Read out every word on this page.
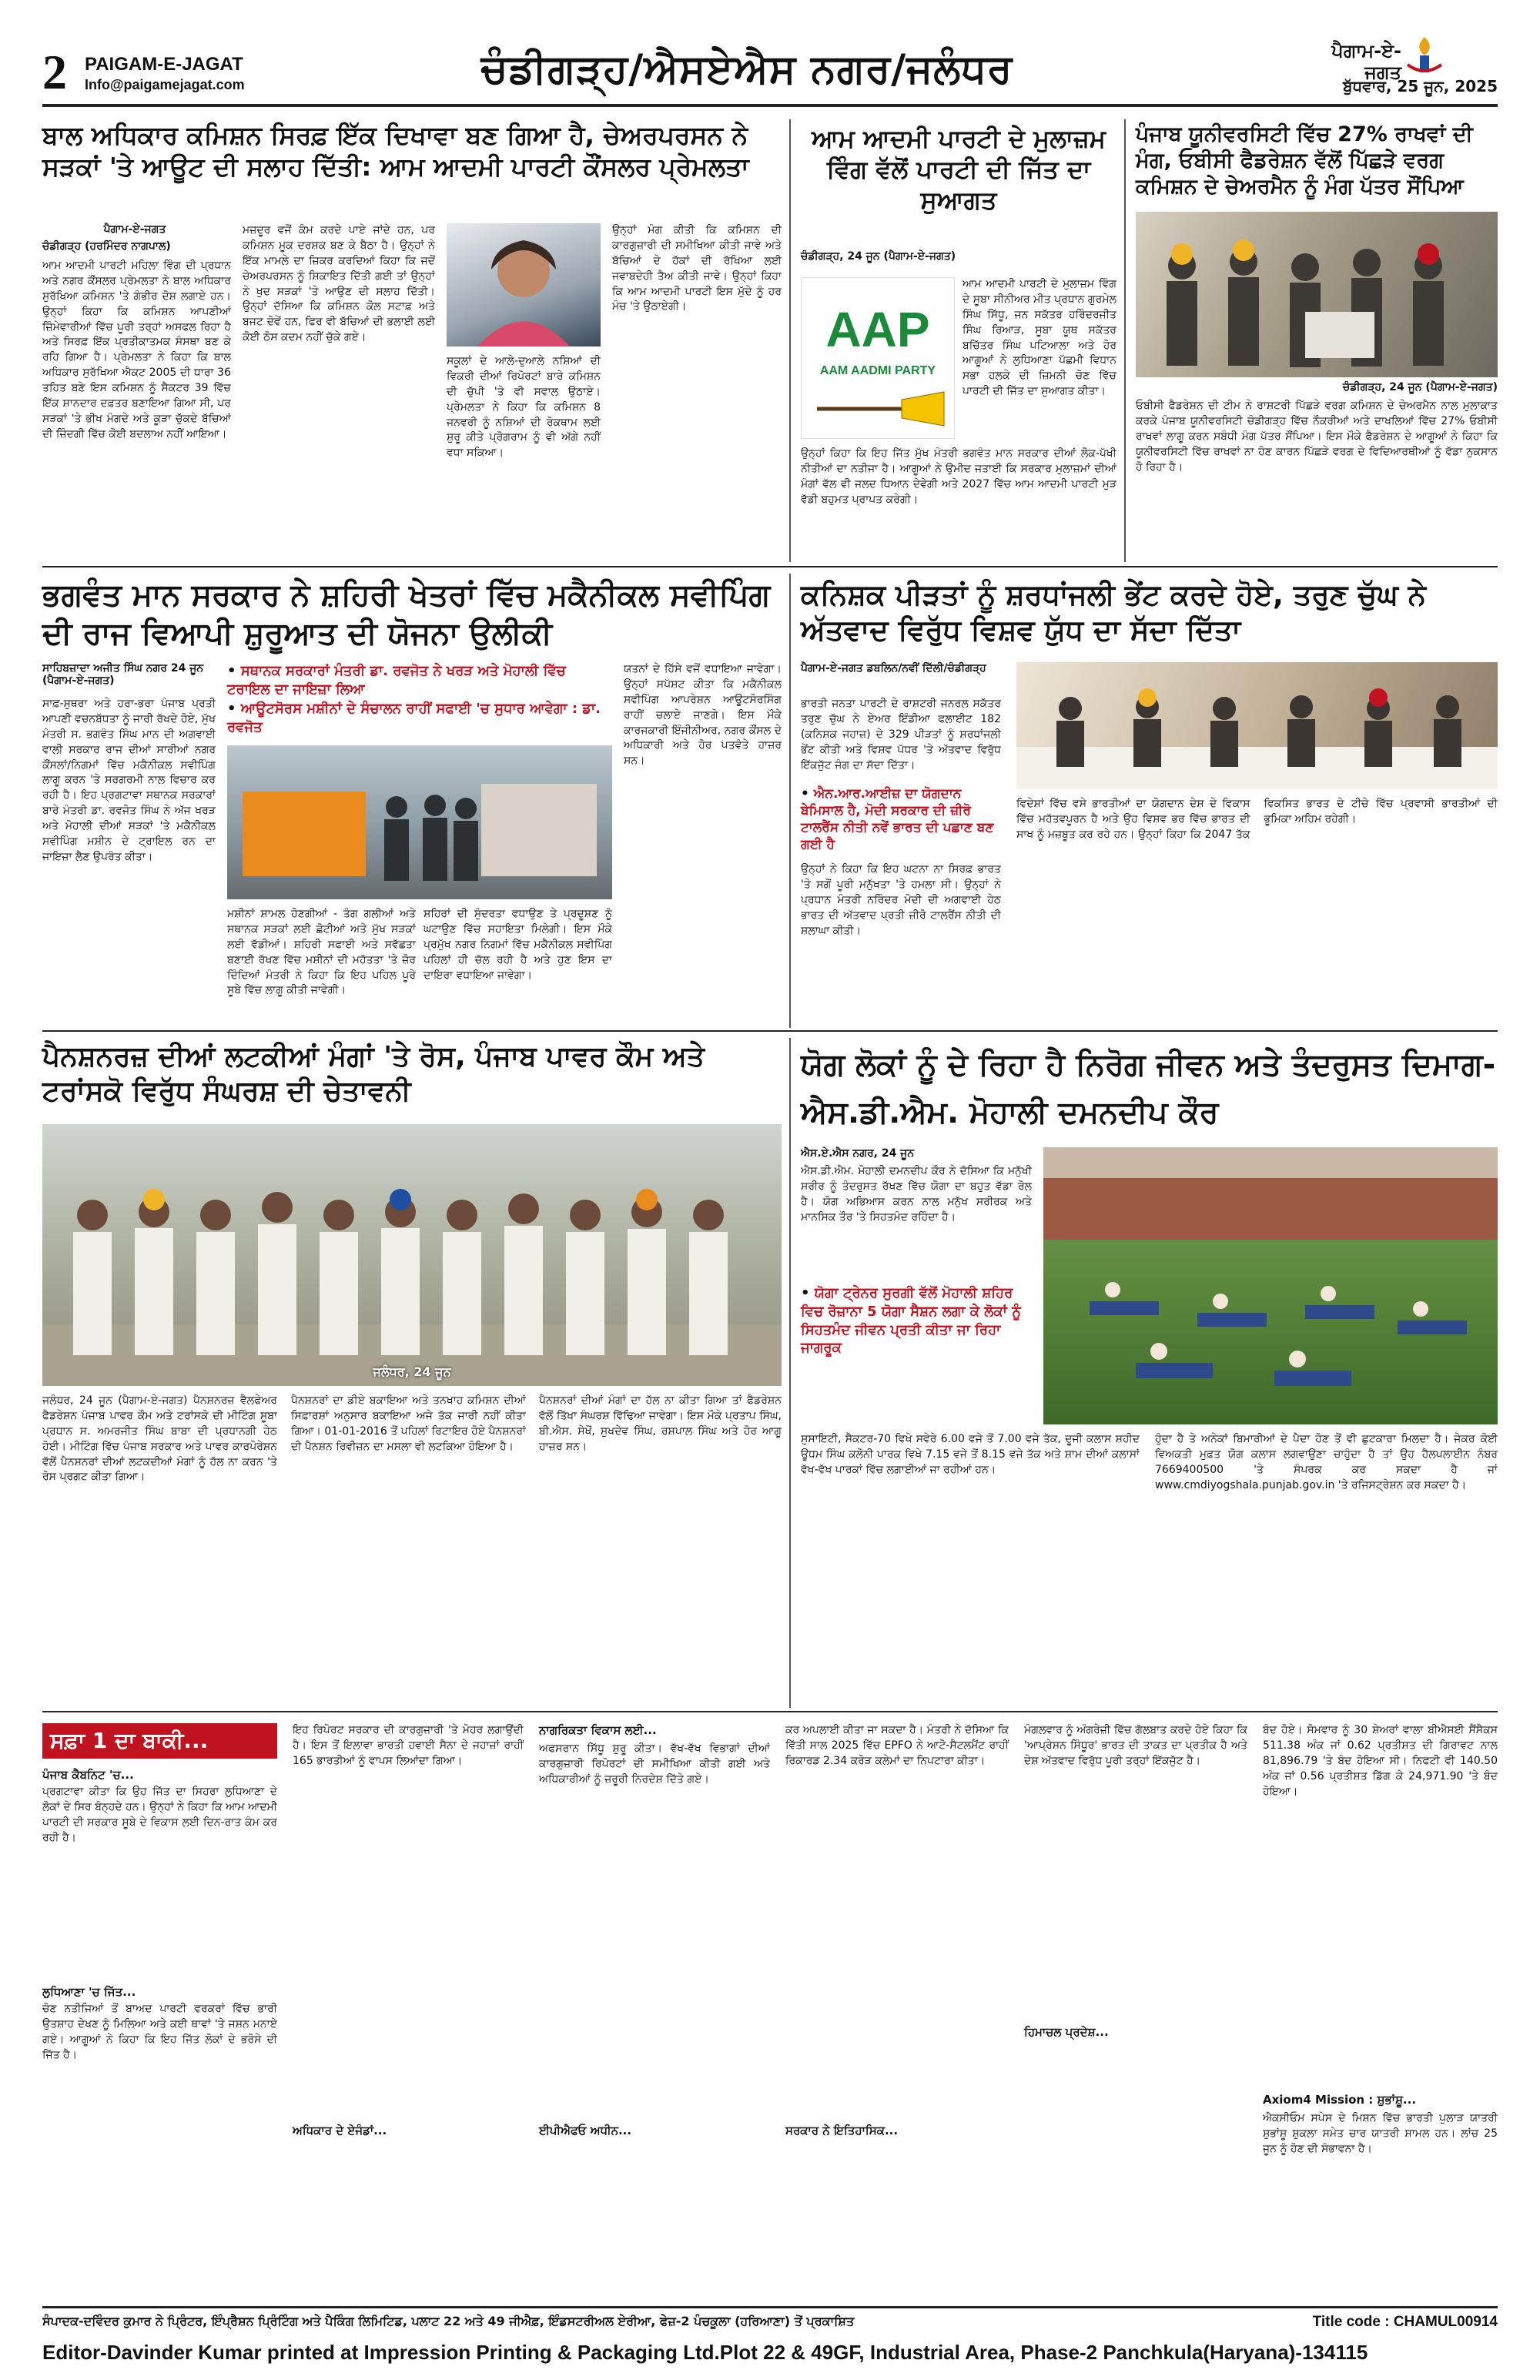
2 PAIGAM-E-JAGAT
Info@paigamejagat.com	ਚੰਡੀਗੜ੍ਹ/ਐਸਏਐਸ ਨਗਰ/ਜਲੰਧਰ	ਪੈਗਾਮ-ਏ-ਜਗਤ
ਬੁੱਧਵਾਰ, 25 ਜੂਨ, 2025
ਬਾਲ ਅਧਿਕਾਰ ਕਮਿਸ਼ਨ ਸਿਰਫ਼ ਇੱਕ ਦਿਖਾਵਾ ਬਣ ਗਿਆ ਹੈ, ਚੇਅਰਪਰਸਨ ਨੇ ਸੜਕਾਂ 'ਤੇ ਆਊਟ ਦੀ ਸਲਾਹ ਦਿੱਤੀ: ਆਮ ਆਦਮੀ ਪਾਰਟੀ ਕੌਂਸਲਰ ਪ੍ਰੇਮਲਤਾ
ਪੈਗਾਮ-ਏ-ਜਗਤ
ਚੰਡੀਗੜ੍ਹ (ਹਰਮਿੰਦਰ ਨਾਗਪਾਲ)
ਆਮ ਆਦਮੀ ਪਾਰਟੀ ਮਹਿਲਾ ਵਿੰਗ ਦੀ ਪ੍ਰਧਾਨ ਅਤੇ ਨਗਰ ਕੌਂਸਲਰ ਪ੍ਰੇਮਲਤਾ ਨੇ ਬਾਲ ਅਧਿਕਾਰ ਸੁਰੱਖਿਆ ਕਮਿਸ਼ਨ 'ਤੇ ਗੰਭੀਰ ਦੋਸ਼ ਲਗਾਏ ਹਨ। ਉਨ੍ਹਾਂ ਕਿਹਾ ਕਿ ਕਮਿਸ਼ਨ ਆਪਣੀਆਂ ਜ਼ਿੰਮੇਵਾਰੀਆਂ ਵਿੱਚ ਪੂਰੀ ਤਰ੍ਹਾਂ ਅਸਫਲ ਰਿਹਾ ਹੈ ਅਤੇ ਸਿਰਫ਼ ਇੱਕ ਪ੍ਰਤੀਕਾਤਮਕ ਸੰਸਥਾ ਬਣ ਕੇ ਰਹਿ ਗਿਆ ਹੈ। ਪ੍ਰੇਮਲਤਾ ਨੇ ਕਿਹਾ ਕਿ ਬਾਲ ਅਧਿਕਾਰ ਸੁਰੱਖਿਆ ਐਕਟ 2005 ਦੀ ਧਾਰਾ 36 ਤਹਿਤ ਬਣੇ ਇਸ ਕਮਿਸ਼ਨ ਨੂੰ ਸੈਕਟਰ 39 ਵਿੱਚ ਇੱਕ ਸ਼ਾਨਦਾਰ ਦਫ਼ਤਰ ਬਣਾਇਆ ਗਿਆ ਸੀ, ਪਰ ਸੜਕਾਂ 'ਤੇ ਭੀਖ ਮੰਗਦੇ ਅਤੇ ਕੂੜਾ ਚੁੱਕਦੇ ਬੱਚਿਆਂ ਦੀ ਜ਼ਿੰਦਗੀ ਵਿੱਚ ਕੋਈ ਬਦਲਾਅ ਨਹੀਂ ਆਇਆ।
ਮਜ਼ਦੂਰ ਵਜੋਂ ਕੰਮ ਕਰਦੇ ਪਾਏ ਜਾਂਦੇ ਹਨ, ਪਰ ਕਮਿਸ਼ਨ ਮੂਕ ਦਰਸ਼ਕ ਬਣ ਕੇ ਬੈਠਾ ਹੈ। ਉਨ੍ਹਾਂ ਨੇ ਇੱਕ ਮਾਮਲੇ ਦਾ ਜ਼ਿਕਰ ਕਰਦਿਆਂ ਕਿਹਾ ਕਿ ਜਦੋਂ ਚੇਅਰਪਰਸਨ ਨੂੰ ਸ਼ਿਕਾਇਤ ਦਿੱਤੀ ਗਈ ਤਾਂ ਉਨ੍ਹਾਂ ਨੇ ਖੁਦ ਸੜਕਾਂ 'ਤੇ ਆਉਣ ਦੀ ਸਲਾਹ ਦਿੱਤੀ। ਉਨ੍ਹਾਂ ਦੱਸਿਆ ਕਿ ਕਮਿਸ਼ਨ ਕੋਲ ਸਟਾਫ਼ ਅਤੇ ਬਜਟ ਦੋਵੇਂ ਹਨ, ਫਿਰ ਵੀ ਬੱਚਿਆਂ ਦੀ ਭਲਾਈ ਲਈ ਕੋਈ ਠੋਸ ਕਦਮ ਨਹੀਂ ਚੁੱਕੇ ਗਏ।
ਸਕੂਲਾਂ ਦੇ ਆਲੇ-ਦੁਆਲੇ ਨਸ਼ਿਆਂ ਦੀ ਵਿਕਰੀ ਦੀਆਂ ਰਿਪੋਰਟਾਂ ਬਾਰੇ ਕਮਿਸ਼ਨ ਦੀ ਚੁੱਪੀ 'ਤੇ ਵੀ ਸਵਾਲ ਉਠਾਏ। ਪ੍ਰੇਮਲਤਾ ਨੇ ਕਿਹਾ ਕਿ ਕਮਿਸ਼ਨ 8 ਜਨਵਰੀ ਨੂੰ ਨਸ਼ਿਆਂ ਦੀ ਰੋਕਥਾਮ ਲਈ ਸ਼ੁਰੂ ਕੀਤੇ ਪ੍ਰੋਗਰਾਮ ਨੂੰ ਵੀ ਅੱਗੇ ਨਹੀਂ ਵਧਾ ਸਕਿਆ।
ਉਨ੍ਹਾਂ ਮੰਗ ਕੀਤੀ ਕਿ ਕਮਿਸ਼ਨ ਦੀ ਕਾਰਗੁਜ਼ਾਰੀ ਦੀ ਸਮੀਖਿਆ ਕੀਤੀ ਜਾਵੇ ਅਤੇ ਬੱਚਿਆਂ ਦੇ ਹੱਕਾਂ ਦੀ ਰੱਖਿਆ ਲਈ ਜਵਾਬਦੇਹੀ ਤੈਅ ਕੀਤੀ ਜਾਵੇ। ਉਨ੍ਹਾਂ ਕਿਹਾ ਕਿ ਆਮ ਆਦਮੀ ਪਾਰਟੀ ਇਸ ਮੁੱਦੇ ਨੂੰ ਹਰ ਮੰਚ 'ਤੇ ਉਠਾਏਗੀ।
ਆਮ ਆਦਮੀ ਪਾਰਟੀ ਦੇ ਮੁਲਾਜ਼ਮ ਵਿੰਗ ਵੱਲੋਂ ਪਾਰਟੀ ਦੀ ਜਿੱਤ ਦਾ ਸੁਆਗਤ
ਚੰਡੀਗੜ੍ਹ, 24 ਜੂਨ (ਪੈਗਾਮ-ਏ-ਜਗਤ)
AAP
AAM AADMI PARTY
ਆਮ ਆਦਮੀ ਪਾਰਟੀ ਦੇ ਮੁਲਾਜ਼ਮ ਵਿੰਗ ਦੇ ਸੂਬਾ ਸੀਨੀਅਰ ਮੀਤ ਪ੍ਰਧਾਨ ਗੁਰਮੇਲ ਸਿੰਘ ਸਿੱਧੂ, ਜਨ ਸਕੱਤਰ ਹਰਿੰਦਰਜੀਤ ਸਿੰਘ ਰਿਆੜ, ਸੂਬਾ ਯੂਥ ਸਕੱਤਰ ਬਚਿੱਤਰ ਸਿੰਘ ਪਟਿਆਲਾ ਅਤੇ ਹੋਰ ਆਗੂਆਂ ਨੇ ਲੁਧਿਆਣਾ ਪੱਛਮੀ ਵਿਧਾਨ ਸਭਾ ਹਲਕੇ ਦੀ ਜ਼ਿਮਨੀ ਚੋਣ ਵਿੱਚ ਪਾਰਟੀ ਦੀ ਜਿੱਤ ਦਾ ਸੁਆਗਤ ਕੀਤਾ।
ਉਨ੍ਹਾਂ ਕਿਹਾ ਕਿ ਇਹ ਜਿੱਤ ਮੁੱਖ ਮੰਤਰੀ ਭਗਵੰਤ ਮਾਨ ਸਰਕਾਰ ਦੀਆਂ ਲੋਕ-ਪੱਖੀ ਨੀਤੀਆਂ ਦਾ ਨਤੀਜਾ ਹੈ। ਆਗੂਆਂ ਨੇ ਉਮੀਦ ਜਤਾਈ ਕਿ ਸਰਕਾਰ ਮੁਲਾਜ਼ਮਾਂ ਦੀਆਂ ਮੰਗਾਂ ਵੱਲ ਵੀ ਜਲਦ ਧਿਆਨ ਦੇਵੇਗੀ ਅਤੇ 2027 ਵਿੱਚ ਆਮ ਆਦਮੀ ਪਾਰਟੀ ਮੁੜ ਵੱਡੀ ਬਹੁਮਤ ਪ੍ਰਾਪਤ ਕਰੇਗੀ।
ਪੰਜਾਬ ਯੂਨੀਵਰਸਿਟੀ ਵਿੱਚ 27% ਰਾਖਵਾਂ ਦੀ ਮੰਗ, ਓਬੀਸੀ ਫੈਡਰੇਸ਼ਨ ਵੱਲੋਂ ਪਿੱਛੜੇ ਵਰਗ ਕਮਿਸ਼ਨ ਦੇ ਚੇਅਰਮੈਨ ਨੂੰ ਮੰਗ ਪੱਤਰ ਸੌਂਪਿਆ
ਚੰਡੀਗੜ੍ਹ, 24 ਜੂਨ (ਪੈਗਾਮ-ਏ-ਜਗਤ)
ਓਬੀਸੀ ਫੈਡਰੇਸ਼ਨ ਦੀ ਟੀਮ ਨੇ ਰਾਸ਼ਟਰੀ ਪਿੱਛੜੇ ਵਰਗ ਕਮਿਸ਼ਨ ਦੇ ਚੇਅਰਮੈਨ ਨਾਲ ਮੁਲਾਕਾਤ ਕਰਕੇ ਪੰਜਾਬ ਯੂਨੀਵਰਸਿਟੀ ਚੰਡੀਗੜ੍ਹ ਵਿੱਚ ਨੌਕਰੀਆਂ ਅਤੇ ਦਾਖਲਿਆਂ ਵਿੱਚ 27% ਓਬੀਸੀ ਰਾਖਵਾਂ ਲਾਗੂ ਕਰਨ ਸਬੰਧੀ ਮੰਗ ਪੱਤਰ ਸੌਂਪਿਆ। ਇਸ ਮੌਕੇ ਫੈਡਰੇਸ਼ਨ ਦੇ ਆਗੂਆਂ ਨੇ ਕਿਹਾ ਕਿ ਯੂਨੀਵਰਸਿਟੀ ਵਿੱਚ ਰਾਖਵਾਂ ਨਾ ਹੋਣ ਕਾਰਨ ਪਿੱਛੜੇ ਵਰਗ ਦੇ ਵਿਦਿਆਰਥੀਆਂ ਨੂੰ ਵੱਡਾ ਨੁਕਸਾਨ ਹੋ ਰਿਹਾ ਹੈ।
ਭਗਵੰਤ ਮਾਨ ਸਰਕਾਰ ਨੇ ਸ਼ਹਿਰੀ ਖੇਤਰਾਂ ਵਿੱਚ ਮਕੈਨੀਕਲ ਸਵੀਪਿੰਗ ਦੀ ਰਾਜ ਵਿਆਪੀ ਸ਼ੁਰੂਆਤ ਦੀ ਯੋਜਨਾ ਉਲੀਕੀ
ਸਾਹਿਬਜ਼ਾਦਾ ਅਜੀਤ ਸਿੰਘ ਨਗਰ 24 ਜੂਨ (ਪੈਗਾਮ-ਏ-ਜਗਤ)
ਸਾਫ਼-ਸੁਥਰਾ ਅਤੇ ਹਰਾ-ਭਰਾ ਪੰਜਾਬ ਪ੍ਰਤੀ ਆਪਣੀ ਵਚਨਬੱਧਤਾ ਨੂੰ ਜਾਰੀ ਰੱਖਦੇ ਹੋਏ, ਮੁੱਖ ਮੰਤਰੀ ਸ. ਭਗਵੰਤ ਸਿੰਘ ਮਾਨ ਦੀ ਅਗਵਾਈ ਵਾਲੀ ਸਰਕਾਰ ਰਾਜ ਦੀਆਂ ਸਾਰੀਆਂ ਨਗਰ ਕੌਂਸਲਾਂ/ਨਿਗਮਾਂ ਵਿੱਚ ਮਕੈਨੀਕਲ ਸਵੀਪਿੰਗ ਲਾਗੂ ਕਰਨ 'ਤੇ ਸਰਗਰਮੀ ਨਾਲ ਵਿਚਾਰ ਕਰ ਰਹੀ ਹੈ। ਇਹ ਪ੍ਰਗਟਾਵਾ ਸਥਾਨਕ ਸਰਕਾਰਾਂ ਬਾਰੇ ਮੰਤਰੀ ਡਾ. ਰਵਜੋਤ ਸਿੰਘ ਨੇ ਅੱਜ ਖਰੜ ਅਤੇ ਮੋਹਾਲੀ ਦੀਆਂ ਸੜਕਾਂ 'ਤੇ ਮਕੈਨੀਕਲ ਸਵੀਪਿੰਗ ਮਸ਼ੀਨ ਦੇ ਟ੍ਰਾਇਲ ਰਨ ਦਾ ਜਾਇਜ਼ਾ ਲੈਣ ਉਪਰੰਤ ਕੀਤਾ।
• ਸਥਾਨਕ ਸਰਕਾਰਾਂ ਮੰਤਰੀ ਡਾ. ਰਵਜੋਤ ਨੇ ਖਰੜ ਅਤੇ ਮੋਹਾਲੀ ਵਿੱਚ ਟਰਾਇਲ ਦਾ ਜਾਇਜ਼ਾ ਲਿਆ
• ਆਊਟਸੋਰਸ ਮਸ਼ੀਨਾਂ ਦੇ ਸੰਚਾਲਨ ਰਾਹੀਂ ਸਫਾਈ 'ਚ ਸੁਧਾਰ ਆਵੇਗਾ : ਡਾ. ਰਵਜੋਤ
ਮਸ਼ੀਨਾਂ ਸ਼ਾਮਲ ਹੋਣਗੀਆਂ - ਤੰਗ ਗਲੀਆਂ ਅਤੇ ਸਥਾਨਕ ਸੜਕਾਂ ਲਈ ਛੋਟੀਆਂ ਅਤੇ ਮੁੱਖ ਸੜਕਾਂ ਲਈ ਵੱਡੀਆਂ। ਸ਼ਹਿਰੀ ਸਫਾਈ ਅਤੇ ਸਵੱਛਤਾ ਬਣਾਈ ਰੱਖਣ ਵਿੱਚ ਮਸ਼ੀਨਾਂ ਦੀ ਮਹੱਤਤਾ 'ਤੇ ਜ਼ੋਰ ਦਿੰਦਿਆਂ ਮੰਤਰੀ ਨੇ ਕਿਹਾ ਕਿ ਇਹ ਪਹਿਲ ਪੂਰੇ ਸੂਬੇ ਵਿੱਚ ਲਾਗੂ ਕੀਤੀ ਜਾਵੇਗੀ।
ਸ਼ਹਿਰਾਂ ਦੀ ਸੁੰਦਰਤਾ ਵਧਾਉਣ ਤੇ ਪ੍ਰਦੂਸ਼ਣ ਨੂੰ ਘਟਾਉਣ ਵਿੱਚ ਸਹਾਇਤਾ ਮਿਲੇਗੀ। ਇਸ ਮੌਕੇ ਪ੍ਰਮੁੱਖ ਨਗਰ ਨਿਗਮਾਂ ਵਿੱਚ ਮਕੈਨੀਕਲ ਸਵੀਪਿੰਗ ਪਹਿਲਾਂ ਹੀ ਚੱਲ ਰਹੀ ਹੈ ਅਤੇ ਹੁਣ ਇਸ ਦਾ ਦਾਇਰਾ ਵਧਾਇਆ ਜਾਵੇਗਾ।
ਯਤਨਾਂ ਦੇ ਹਿੱਸੇ ਵਜੋਂ ਵਧਾਇਆ ਜਾਵੇਗਾ। ਉਨ੍ਹਾਂ ਸਪੱਸ਼ਟ ਕੀਤਾ ਕਿ ਮਕੈਨੀਕਲ ਸਵੀਪਿੰਗ ਆਪਰੇਸ਼ਨ ਆਊਟਸੋਰਸਿੰਗ ਰਾਹੀਂ ਚਲਾਏ ਜਾਣਗੇ। ਇਸ ਮੌਕੇ ਕਾਰਜਕਾਰੀ ਇੰਜੀਨੀਅਰ, ਨਗਰ ਕੌਂਸਲ ਦੇ ਅਧਿਕਾਰੀ ਅਤੇ ਹੋਰ ਪਤਵੰਤੇ ਹਾਜ਼ਰ ਸਨ।
ਕਨਿਸ਼ਕ ਪੀੜਤਾਂ ਨੂੰ ਸ਼ਰਧਾਂਜਲੀ ਭੇਂਟ ਕਰਦੇ ਹੋਏ, ਤਰੁਣ ਚੁੱਘ ਨੇ ਅੱਤਵਾਦ ਵਿਰੁੱਧ ਵਿਸ਼ਵ ਯੁੱਧ ਦਾ ਸੱਦਾ ਦਿੱਤਾ
ਪੈਗਾਮ-ਏ-ਜਗਤ ਡਬਲਿਨ/ਨਵੀਂ ਦਿੱਲੀ/ਚੰਡੀਗੜ੍ਹ
ਭਾਰਤੀ ਜਨਤਾ ਪਾਰਟੀ ਦੇ ਰਾਸ਼ਟਰੀ ਜਨਰਲ ਸਕੱਤਰ ਤਰੁਣ ਚੁੱਘ ਨੇ ਏਅਰ ਇੰਡੀਆ ਫਲਾਈਟ 182 (ਕਨਿਸ਼ਕ ਜਹਾਜ਼) ਦੇ 329 ਪੀੜਤਾਂ ਨੂੰ ਸ਼ਰਧਾਂਜਲੀ ਭੇਂਟ ਕੀਤੀ ਅਤੇ ਵਿਸ਼ਵ ਪੱਧਰ 'ਤੇ ਅੱਤਵਾਦ ਵਿਰੁੱਧ ਇੱਕਜੁੱਟ ਜੰਗ ਦਾ ਸੱਦਾ ਦਿੱਤਾ।
• ਐਨ.ਆਰ.ਆਈਜ਼ ਦਾ ਯੋਗਦਾਨ ਬੇਮਿਸਾਲ ਹੈ, ਮੋਦੀ ਸਰਕਾਰ ਦੀ ਜ਼ੀਰੋ ਟਾਲਰੈਂਸ ਨੀਤੀ ਨਵੇਂ ਭਾਰਤ ਦੀ ਪਛਾਣ ਬਣ ਗਈ ਹੈ
ਉਨ੍ਹਾਂ ਨੇ ਕਿਹਾ ਕਿ ਇਹ ਘਟਨਾ ਨਾ ਸਿਰਫ਼ ਭਾਰਤ 'ਤੇ ਸਗੋਂ ਪੂਰੀ ਮਨੁੱਖਤਾ 'ਤੇ ਹਮਲਾ ਸੀ। ਉਨ੍ਹਾਂ ਨੇ ਪ੍ਰਧਾਨ ਮੰਤਰੀ ਨਰਿੰਦਰ ਮੋਦੀ ਦੀ ਅਗਵਾਈ ਹੇਠ ਭਾਰਤ ਦੀ ਅੱਤਵਾਦ ਪ੍ਰਤੀ ਜ਼ੀਰੋ ਟਾਲਰੈਂਸ ਨੀਤੀ ਦੀ ਸ਼ਲਾਘਾ ਕੀਤੀ।
ਵਿਦੇਸ਼ਾਂ ਵਿੱਚ ਵਸੇ ਭਾਰਤੀਆਂ ਦਾ ਯੋਗਦਾਨ ਦੇਸ਼ ਦੇ ਵਿਕਾਸ ਵਿੱਚ ਮਹੱਤਵਪੂਰਨ ਹੈ ਅਤੇ ਉਹ ਵਿਸ਼ਵ ਭਰ ਵਿੱਚ ਭਾਰਤ ਦੀ ਸਾਖ ਨੂੰ ਮਜ਼ਬੂਤ ਕਰ ਰਹੇ ਹਨ। ਉਨ੍ਹਾਂ ਕਿਹਾ ਕਿ 2047 ਤੱਕ ਵਿਕਸਿਤ ਭਾਰਤ ਦੇ ਟੀਚੇ ਵਿੱਚ ਪ੍ਰਵਾਸੀ ਭਾਰਤੀਆਂ ਦੀ ਭੂਮਿਕਾ ਅਹਿਮ ਰਹੇਗੀ।
ਪੈਨਸ਼ਨਰਜ਼ ਦੀਆਂ ਲਟਕੀਆਂ ਮੰਗਾਂ 'ਤੇ ਰੋਸ, ਪੰਜਾਬ ਪਾਵਰ ਕੌਮ ਅਤੇ ਟਰਾਂਸਕੋ ਵਿਰੁੱਧ ਸੰਘਰਸ਼ ਦੀ ਚੇਤਾਵਨੀ
ਜਲੰਧਰ, 24 ਜੂਨ
ਜਲੰਧਰ, 24 ਜੂਨ (ਪੈਗਾਮ-ਏ-ਜਗਤ) ਪੈਨਸ਼ਨਰਜ਼ ਵੈਲਫੇਅਰ ਫੈਡਰੇਸ਼ਨ ਪੰਜਾਬ ਪਾਵਰ ਕੌਮ ਅਤੇ ਟਰਾਂਸਕੋ ਦੀ ਮੀਟਿੰਗ ਸੂਬਾ ਪ੍ਰਧਾਨ ਸ. ਅਮਰਜੀਤ ਸਿੰਘ ਬਾਬਾ ਦੀ ਪ੍ਰਧਾਨਗੀ ਹੇਠ ਹੋਈ। ਮੀਟਿੰਗ ਵਿੱਚ ਪੰਜਾਬ ਸਰਕਾਰ ਅਤੇ ਪਾਵਰ ਕਾਰਪੋਰੇਸ਼ਨ ਵੱਲੋਂ ਪੈਨਸ਼ਨਰਾਂ ਦੀਆਂ ਲਟਕਦੀਆਂ ਮੰਗਾਂ ਨੂੰ ਹੱਲ ਨਾ ਕਰਨ 'ਤੇ ਰੋਸ ਪ੍ਰਗਟ ਕੀਤਾ ਗਿਆ।
ਪੈਨਸ਼ਨਰਾਂ ਦਾ ਡੀਏ ਬਕਾਇਆ ਅਤੇ ਤਨਖਾਹ ਕਮਿਸ਼ਨ ਦੀਆਂ ਸਿਫ਼ਾਰਸ਼ਾਂ ਅਨੁਸਾਰ ਬਕਾਇਆ ਅਜੇ ਤੱਕ ਜਾਰੀ ਨਹੀਂ ਕੀਤਾ ਗਿਆ। 01-01-2016 ਤੋਂ ਪਹਿਲਾਂ ਰਿਟਾਇਰ ਹੋਏ ਪੈਨਸ਼ਨਰਾਂ ਦੀ ਪੈਨਸ਼ਨ ਰਿਵੀਜ਼ਨ ਦਾ ਮਸਲਾ ਵੀ ਲਟਕਿਆ ਹੋਇਆ ਹੈ।
ਪੈਨਸ਼ਨਰਾਂ ਦੀਆਂ ਮੰਗਾਂ ਦਾ ਹੱਲ ਨਾ ਕੀਤਾ ਗਿਆ ਤਾਂ ਫੈਡਰੇਸ਼ਨ ਵੱਲੋਂ ਤਿੱਖਾ ਸੰਘਰਸ਼ ਵਿੱਢਿਆ ਜਾਵੇਗਾ। ਇਸ ਮੌਕੇ ਪ੍ਰਤਾਪ ਸਿੰਘ, ਬੀ.ਐਸ. ਸੇਖੋਂ, ਸੁਖਦੇਵ ਸਿੰਘ, ਰਸ਼ਪਾਲ ਸਿੰਘ ਅਤੇ ਹੋਰ ਆਗੂ ਹਾਜ਼ਰ ਸਨ।
ਯੋਗ ਲੋਕਾਂ ਨੂੰ ਦੇ ਰਿਹਾ ਹੈ ਨਿਰੋਗ ਜੀਵਨ ਅਤੇ ਤੰਦਰੁਸਤ ਦਿਮਾਗ- ਐਸ.ਡੀ.ਐਮ. ਮੋਹਾਲੀ ਦਮਨਦੀਪ ਕੌਰ
ਐਸ.ਏ.ਐਸ ਨਗਰ, 24 ਜੂਨ
ਐਸ.ਡੀ.ਐਮ. ਮੋਹਾਲੀ ਦਮਨਦੀਪ ਕੌਰ ਨੇ ਦੱਸਿਆ ਕਿ ਮਨੁੱਖੀ ਸਰੀਰ ਨੂੰ ਤੰਦਰੁਸਤ ਰੱਖਣ ਵਿੱਚ ਯੋਗਾ ਦਾ ਬਹੁਤ ਵੱਡਾ ਰੋਲ ਹੈ। ਯੋਗ ਅਭਿਆਸ ਕਰਨ ਨਾਲ ਮਨੁੱਖ ਸਰੀਰਕ ਅਤੇ ਮਾਨਸਿਕ ਤੌਰ 'ਤੇ ਸਿਹਤਮੰਦ ਰਹਿੰਦਾ ਹੈ।
• ਯੋਗਾ ਟ੍ਰੇਨਰ ਸੁਰਗੀ ਵੱਲੋਂ ਮੋਹਾਲੀ ਸ਼ਹਿਰ ਵਿਚ ਰੋਜ਼ਾਨਾ 5 ਯੋਗਾ ਸੈਸ਼ਨ ਲਗਾ ਕੇ ਲੋਕਾਂ ਨੂੰ ਸਿਹਤਮੰਦ ਜੀਵਨ ਪ੍ਰਤੀ ਕੀਤਾ ਜਾ ਰਿਹਾ ਜਾਗਰੂਕ
ਸੁਸਾਇਟੀ, ਸੈਕਟਰ-70 ਵਿਖੇ ਸਵੇਰੇ 6.00 ਵਜੇ ਤੋਂ 7.00 ਵਜੇ ਤੱਕ, ਦੂਜੀ ਕਲਾਸ ਸ਼ਹੀਦ ਊਧਮ ਸਿੰਘ ਕਲੋਨੀ ਪਾਰਕ ਵਿਖੇ 7.15 ਵਜੇ ਤੋਂ 8.15 ਵਜੇ ਤੱਕ ਅਤੇ ਸ਼ਾਮ ਦੀਆਂ ਕਲਾਸਾਂ ਵੱਖ-ਵੱਖ ਪਾਰਕਾਂ ਵਿੱਚ ਲਗਾਈਆਂ ਜਾ ਰਹੀਆਂ ਹਨ।
ਹੁੰਦਾ ਹੈ ਤੇ ਅਨੇਕਾਂ ਬਿਮਾਰੀਆਂ ਦੇ ਪੈਦਾ ਹੋਣ ਤੋਂ ਵੀ ਛੁਟਕਾਰਾ ਮਿਲਦਾ ਹੈ। ਜੇਕਰ ਕੋਈ ਵਿਅਕਤੀ ਮੁਫ਼ਤ ਯੋਗ ਕਲਾਸ ਲਗਵਾਉਣਾ ਚਾਹੁੰਦਾ ਹੈ ਤਾਂ ਉਹ ਹੈਲਪਲਾਈਨ ਨੰਬਰ 7669400500 'ਤੇ ਸੰਪਰਕ ਕਰ ਸਕਦਾ ਹੈ ਜਾਂ www.cmdiyogshala.punjab.gov.in 'ਤੇ ਰਜਿਸਟ੍ਰੇਸ਼ਨ ਕਰ ਸਕਦਾ ਹੈ।
ਸਫ਼ਾ 1 ਦਾ ਬਾਕੀ...
ਪੰਜਾਬ ਕੈਬਨਿਟ 'ਚ...
ਪ੍ਰਗਟਾਵਾ ਕੀਤਾ ਕਿ ਉਹ ਜਿੱਤ ਦਾ ਸਿਹਰਾ ਲੁਧਿਆਣਾ ਦੇ ਲੋਕਾਂ ਦੇ ਸਿਰ ਬੰਨ੍ਹਦੇ ਹਨ। ਉਨ੍ਹਾਂ ਨੇ ਕਿਹਾ ਕਿ ਆਮ ਆਦਮੀ ਪਾਰਟੀ ਦੀ ਸਰਕਾਰ ਸੂਬੇ ਦੇ ਵਿਕਾਸ ਲਈ ਦਿਨ-ਰਾਤ ਕੰਮ ਕਰ ਰਹੀ ਹੈ।
ਲੁਧਿਆਣਾ 'ਚ ਜਿੱਤ...
ਚੋਣ ਨਤੀਜਿਆਂ ਤੋਂ ਬਾਅਦ ਪਾਰਟੀ ਵਰਕਰਾਂ ਵਿੱਚ ਭਾਰੀ ਉਤਸ਼ਾਹ ਦੇਖਣ ਨੂੰ ਮਿਲਿਆ ਅਤੇ ਕਈ ਥਾਵਾਂ 'ਤੇ ਜਸ਼ਨ ਮਨਾਏ ਗਏ। ਆਗੂਆਂ ਨੇ ਕਿਹਾ ਕਿ ਇਹ ਜਿੱਤ ਲੋਕਾਂ ਦੇ ਭਰੋਸੇ ਦੀ ਜਿੱਤ ਹੈ।
ਇਹ ਰਿਪੋਰਟ ਸਰਕਾਰ ਦੀ ਕਾਰਗੁਜ਼ਾਰੀ 'ਤੇ ਮੋਹਰ ਲਗਾਉਂਦੀ ਹੈ। ਇਸ ਤੋਂ ਇਲਾਵਾ ਭਾਰਤੀ ਹਵਾਈ ਸੈਨਾ ਦੇ ਜਹਾਜ਼ਾਂ ਰਾਹੀਂ 165 ਭਾਰਤੀਆਂ ਨੂੰ ਵਾਪਸ ਲਿਆਂਦਾ ਗਿਆ।
ਅਧਿਕਾਰ ਦੇ ਏਜੰਡਾਂ...
ਨਾਗਰਿਕਤਾ ਵਿਕਾਸ ਲਈ...
ਅਫਸਰਾਨ ਸਿੱਧੂ ਸ਼ੁਰੂ ਕੀਤਾ। ਵੱਖ-ਵੱਖ ਵਿਭਾਗਾਂ ਦੀਆਂ ਕਾਰਗੁਜ਼ਾਰੀ ਰਿਪੋਰਟਾਂ ਦੀ ਸਮੀਖਿਆ ਕੀਤੀ ਗਈ ਅਤੇ ਅਧਿਕਾਰੀਆਂ ਨੂੰ ਜ਼ਰੂਰੀ ਨਿਰਦੇਸ਼ ਦਿੱਤੇ ਗਏ।
ਈਪੀਐਫਓ ਅਧੀਨ...
ਕਰ ਅਪਲਾਈ ਕੀਤਾ ਜਾ ਸਕਦਾ ਹੈ। ਮੰਤਰੀ ਨੇ ਦੱਸਿਆ ਕਿ ਵਿੱਤੀ ਸਾਲ 2025 ਵਿੱਚ EPFO ਨੇ ਆਟੋ-ਸੈਟਲਮੈਂਟ ਰਾਹੀਂ ਰਿਕਾਰਡ 2.34 ਕਰੋੜ ਕਲੇਮਾਂ ਦਾ ਨਿਪਟਾਰਾ ਕੀਤਾ।
ਸਰਕਾਰ ਨੇ ਇਤਿਹਾਸਿਕ...
ਮੰਗਲਵਾਰ ਨੂੰ ਅੰਗਰੇਜ਼ੀ ਵਿੱਚ ਗੱਲਬਾਤ ਕਰਦੇ ਹੋਏ ਕਿਹਾ ਕਿ 'ਆਪ੍ਰੇਸ਼ਨ ਸਿੰਧੂਰ' ਭਾਰਤ ਦੀ ਤਾਕਤ ਦਾ ਪ੍ਰਤੀਕ ਹੈ ਅਤੇ ਦੇਸ਼ ਅੱਤਵਾਦ ਵਿਰੁੱਧ ਪੂਰੀ ਤਰ੍ਹਾਂ ਇੱਕਜੁੱਟ ਹੈ।
ਹਿਮਾਚਲ ਪ੍ਰਦੇਸ਼...
ਬੰਦ ਹੋਏ। ਸੋਮਵਾਰ ਨੂੰ 30 ਸ਼ੇਅਰਾਂ ਵਾਲਾ ਬੀਐਸਈ ਸੈਂਸੈਕਸ 511.38 ਅੰਕ ਜਾਂ 0.62 ਪ੍ਰਤੀਸ਼ਤ ਦੀ ਗਿਰਾਵਟ ਨਾਲ 81,896.79 'ਤੇ ਬੰਦ ਹੋਇਆ ਸੀ। ਨਿਫਟੀ ਵੀ 140.50 ਅੰਕ ਜਾਂ 0.56 ਪ੍ਰਤੀਸ਼ਤ ਡਿੱਗ ਕੇ 24,971.90 'ਤੇ ਬੰਦ ਹੋਇਆ।
Axiom4 Mission : ਸ਼ੁਭਾਂਸ਼ੂ...
ਐਕਸੀਓਮ ਸਪੇਸ ਦੇ ਮਿਸ਼ਨ ਵਿੱਚ ਭਾਰਤੀ ਪੁਲਾੜ ਯਾਤਰੀ ਸ਼ੁਭਾਂਸ਼ੂ ਸ਼ੁਕਲਾ ਸਮੇਤ ਚਾਰ ਯਾਤਰੀ ਸ਼ਾਮਲ ਹਨ। ਲਾਂਚ 25 ਜੂਨ ਨੂੰ ਹੋਣ ਦੀ ਸੰਭਾਵਨਾ ਹੈ।
ਸੰਪਾਦਕ-ਦਵਿੰਦਰ ਕੁਮਾਰ ਨੇ ਪ੍ਰਿੰਟਰ, ਇੰਪ੍ਰੈਸ਼ਨ ਪ੍ਰਿੰਟਿੰਗ ਅਤੇ ਪੈਕਿੰਗ ਲਿਮਿਟਿਡ, ਪਲਾਟ 22 ਅਤੇ 49 ਜੀਐਫ਼, ਇੰਡਸਟਰੀਅਲ ਏਰੀਆ, ਫੇਜ਼-2 ਪੰਚਕੂਲਾ (ਹਰਿਆਣਾ) ਤੋਂ ਪ੍ਰਕਾਸ਼ਿਤ	Title code : CHAMUL00914
Editor-Davinder Kumar printed at Impression Printing & Packaging Ltd.Plot 22 & 49GF, Industrial Area, Phase-2 Panchkula(Haryana)-134115
